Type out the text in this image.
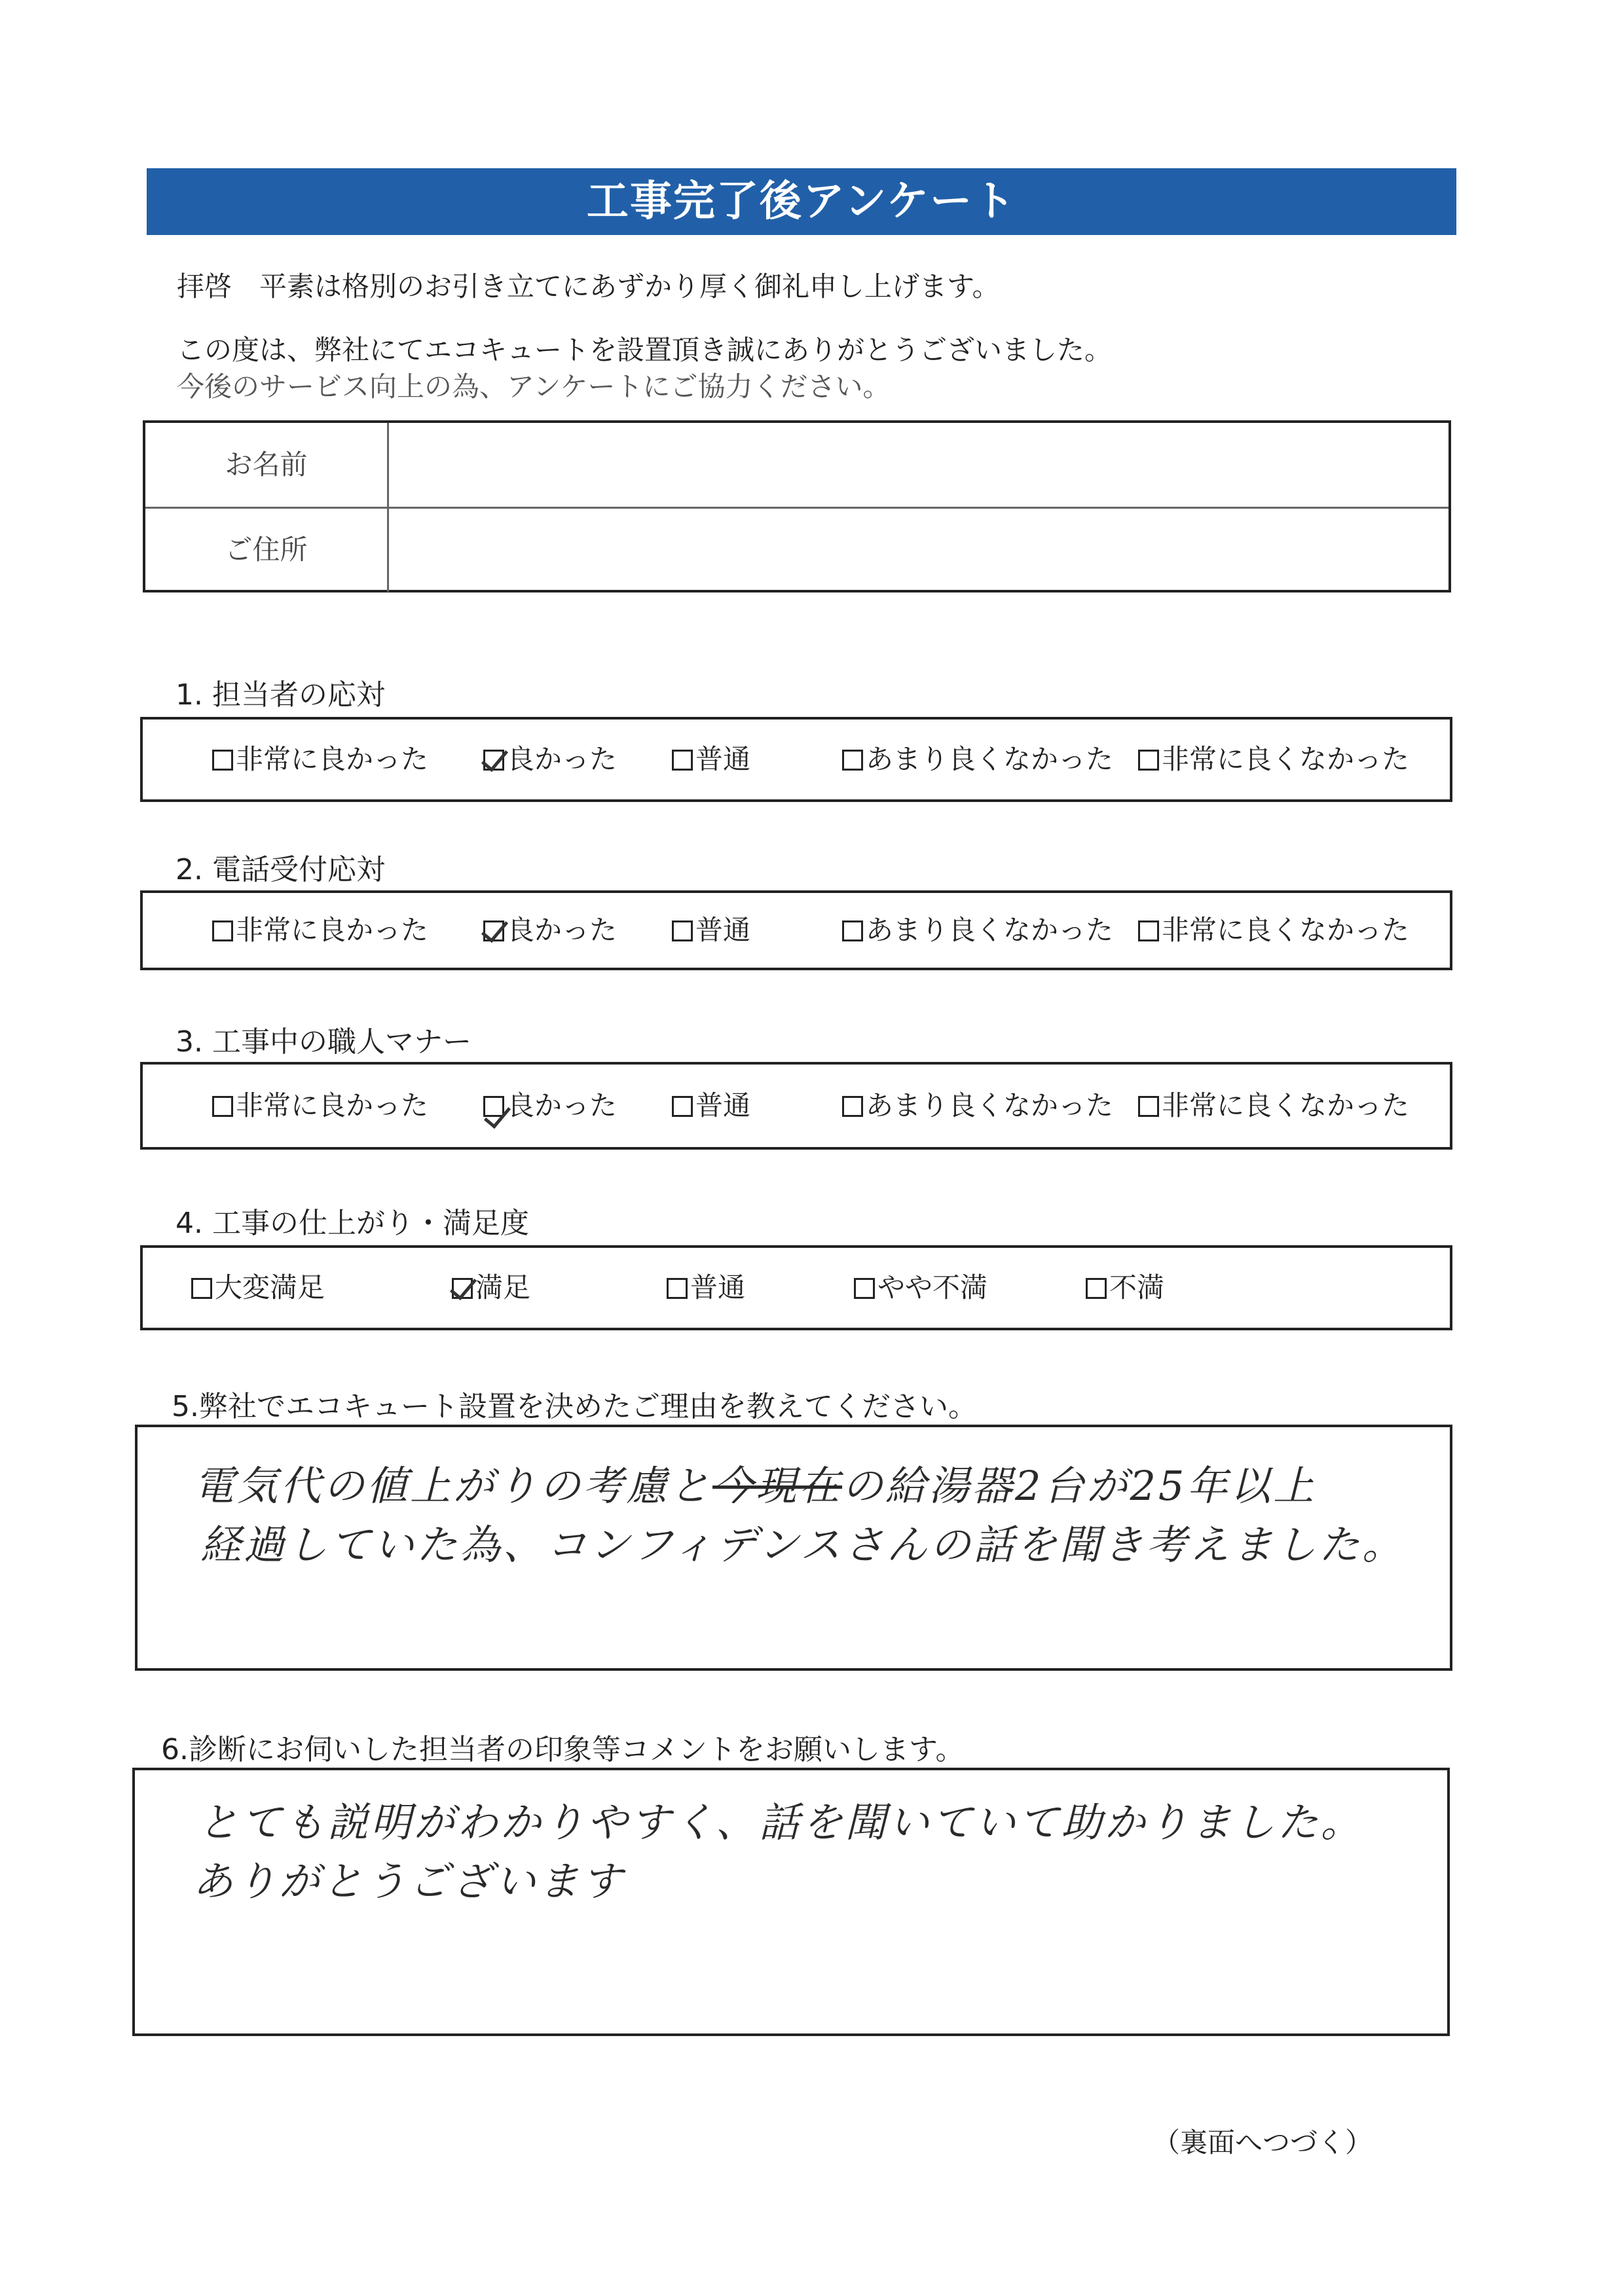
工事完了後アンケート
拝啓　平素は格別のお引き立てにあずかり厚く御礼申し上げます。
この度は、弊社にてエコキュートを設置頂き誠にありがとうございました。
今後のサービス向上の為、アンケートにご協力ください。
お名前
ご住所
1. 担当者の応対
非常に良かった	良かった	普通	あまり良くなかった	非常に良くなかった
2. 電話受付応対
非常に良かった	良かった	普通	あまり良くなかった	非常に良くなかった
3. 工事中の職人マナー
非常に良かった	良かった	普通	あまり良くなかった	非常に良くなかった
4. 工事の仕上がり・満足度
大変満足	満足	普通	やや不満	不満
5.弊社でエコキュート設置を決めたご理由を教えてください。
電気代の値上がりの考慮と今現在の給湯器2台が25年以上
経過していた為、コンフィデンスさんの話を聞き考えました。
6.診断にお伺いした担当者の印象等コメントをお願いします。
とても説明がわかりやすく、話を聞いていて助かりました。
ありがとうございます
（裏面へつづく）
